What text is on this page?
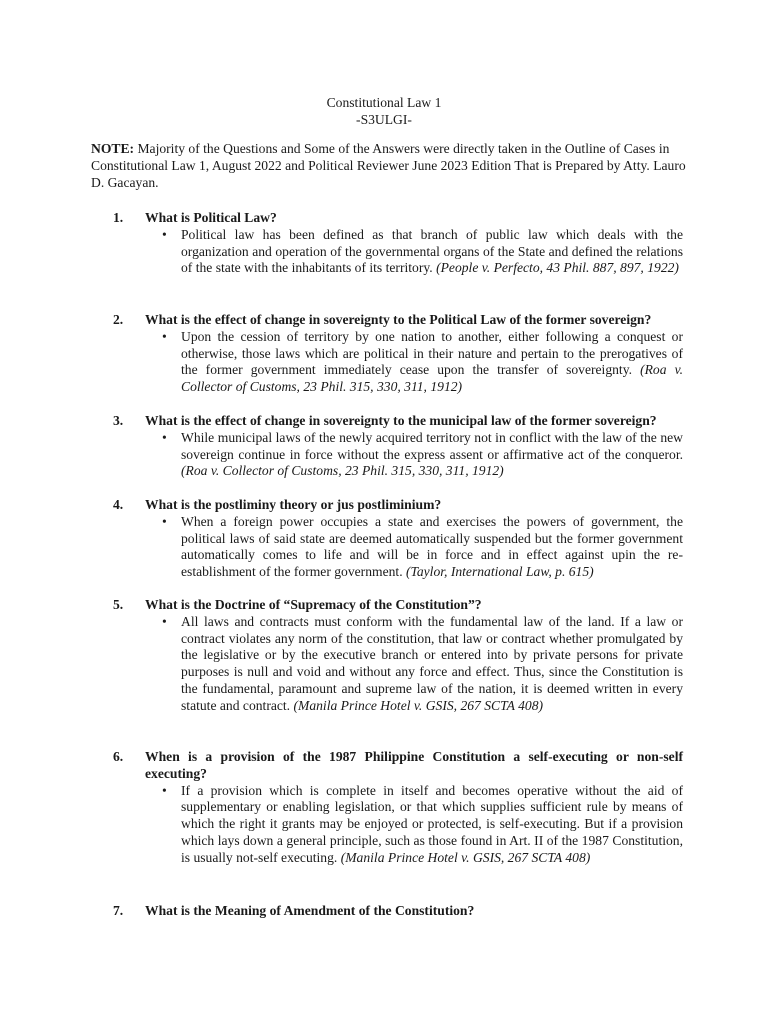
Constitutional Law 1
-S3ULGI-
NOTE: Majority of the Questions and Some of the Answers were directly taken in the Outline of Cases in Constitutional Law 1, August 2022 and Political Reviewer June 2023 Edition That is Prepared by Atty. Lauro D. Gacayan.
1. What is Political Law?
• Political law has been defined as that branch of public law which deals with the organization and operation of the governmental organs of the State and defined the relations of the state with the inhabitants of its territory. (People v. Perfecto, 43 Phil. 887, 897, 1922)
2. What is the effect of change in sovereignty to the Political Law of the former sovereign?
• Upon the cession of territory by one nation to another, either following a conquest or otherwise, those laws which are political in their nature and pertain to the prerogatives of the former government immediately cease upon the transfer of sovereignty. (Roa v. Collector of Customs, 23 Phil. 315, 330, 311, 1912)
3. What is the effect of change in sovereignty to the municipal law of the former sovereign?
• While municipal laws of the newly acquired territory not in conflict with the law of the new sovereign continue in force without the express assent or affirmative act of the conqueror. (Roa v. Collector of Customs, 23 Phil. 315, 330, 311, 1912)
4. What is the postliminy theory or jus postliminium?
• When a foreign power occupies a state and exercises the powers of government, the political laws of said state are deemed automatically suspended but the former government automatically comes to life and will be in force and in effect against upin the re-establishment of the former government. (Taylor, International Law, p. 615)
5. What is the Doctrine of “Supremacy of the Constitution”?
• All laws and contracts must conform with the fundamental law of the land. If a law or contract violates any norm of the constitution, that law or contract whether promulgated by the legislative or by the executive branch or entered into by private persons for private purposes is null and void and without any force and effect. Thus, since the Constitution is the fundamental, paramount and supreme law of the nation, it is deemed written in every statute and contract. (Manila Prince Hotel v. GSIS, 267 SCTA 408)
6. When is a provision of the 1987 Philippine Constitution a self-executing or non-self executing?
• If a provision which is complete in itself and becomes operative without the aid of supplementary or enabling legislation, or that which supplies sufficient rule by means of which the right it grants may be enjoyed or protected, is self-executing. But if a provision which lays down a general principle, such as those found in Art. II of the 1987 Constitution, is usually not-self executing. (Manila Prince Hotel v. GSIS, 267 SCTA 408)
7. What is the Meaning of Amendment of the Constitution?
